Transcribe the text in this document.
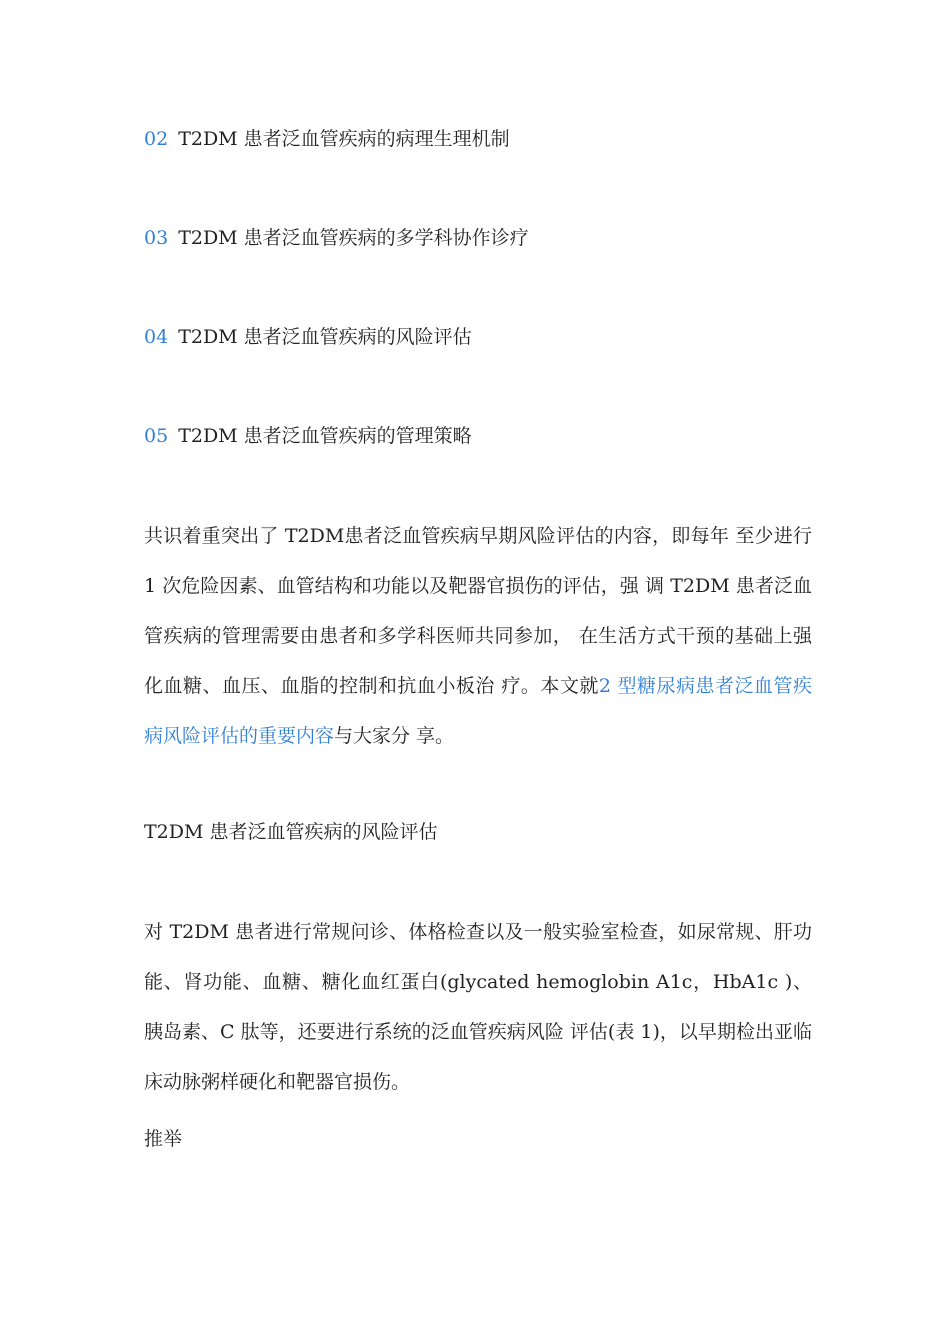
02 T2DM 患者泛血管疾病的病理生理机制
03 T2DM 患者泛血管疾病的多学科协作诊疗
04 T2DM 患者泛血管疾病的风险评估
05 T2DM 患者泛血管疾病的管理策略
共识着重突出了 T2DM患者泛血管疾病早期风险评估的内容，即每年 至少进行 1 次危险因素、血管结构和功能以及靶器官损伤的评估，强 调 T2DM 患者泛血管疾病的管理需要由患者和多学科医师共同参加， 在生活方式干预的基础上强化血糖、血压、血脂的控制和抗血小板治 疗。本文就2 型糖尿病患者泛血管疾病风险评估的重要内容与大家分 享。
T2DM 患者泛血管疾病的风险评估
对 T2DM 患者进行常规问诊、体格检查以及一般实验室检查，如尿常规、肝功能、肾功能、血糖、糖化血红蛋白(glycated hemoglobin A1c，HbA1c )、胰岛素、C 肽等，还要进行系统的泛血管疾病风险 评估(表 1)，以早期检出亚临床动脉粥样硬化和靶器官损伤。
推举
